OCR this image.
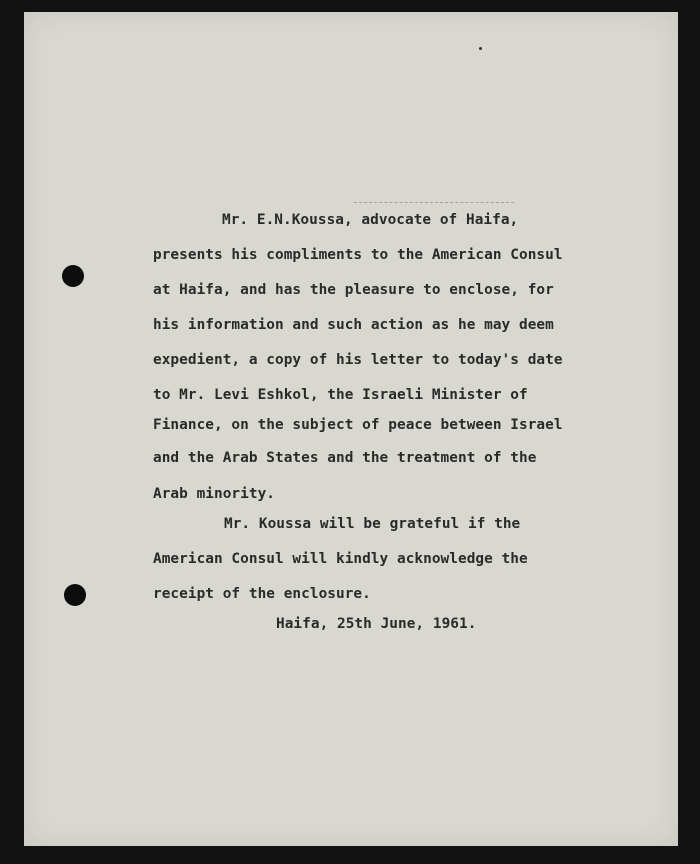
Mr. E.N.Koussa, advocate of Haifa,

presents his compliments to the American Consul

at Haifa, and has the pleasure to enclose, for

his information and such action as he may deem

expedient, a copy of his letter to today's date

to Mr. Levi Eshkol, the Israeli Minister of

Finance, on the subject of peace between Israel

and the Arab States and the treatment of the

Arab minority.

Mr. Koussa will be grateful if the

American Consul will kindly acknowledge the

receipt of the enclosure.

Haifa, 25th June, 1961.
